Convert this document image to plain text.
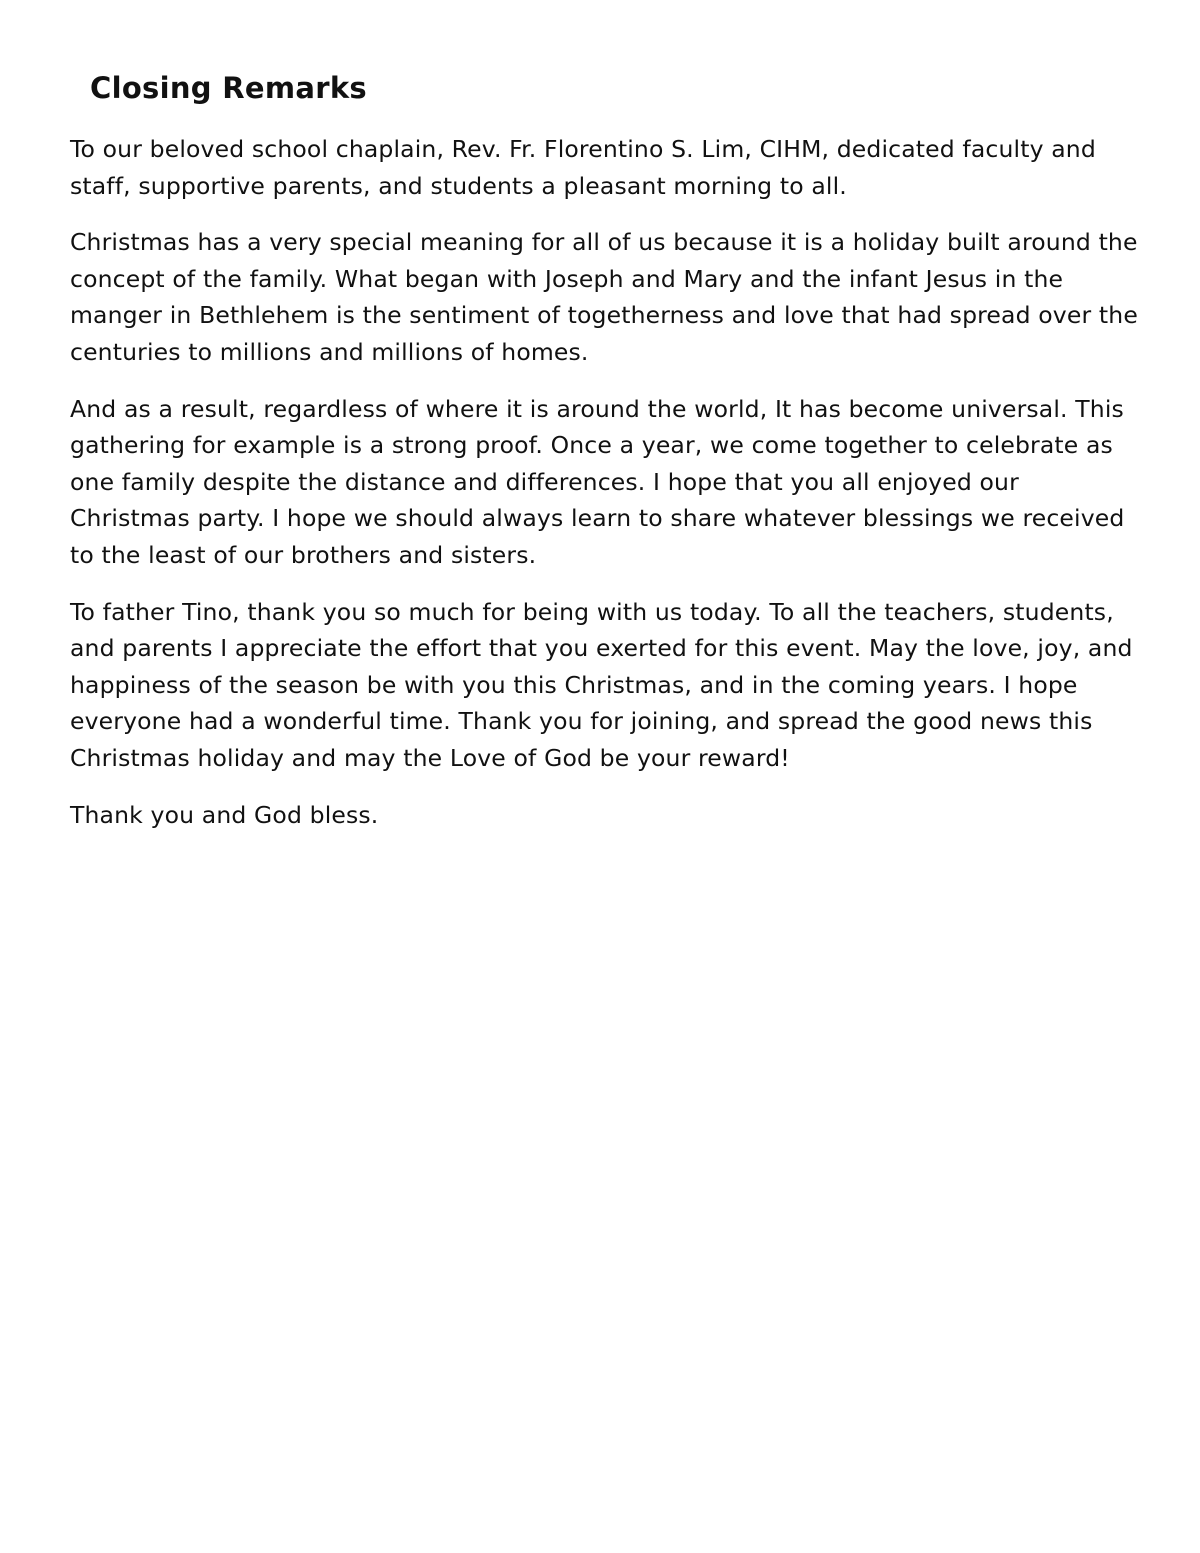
Closing Remarks

To our beloved school chaplain, Rev. Fr. Florentino S. Lim, CIHM, dedicated faculty and staff, supportive parents, and students a pleasant morning to all.

Christmas has a very special meaning for all of us because it is a holiday built around the concept of the family. What began with Joseph and Mary and the infant Jesus in the manger in Bethlehem is the sentiment of togetherness and love that had spread over the centuries to millions and millions of homes.

And as a result, regardless of where it is around the world, It has become universal. This gathering for example is a strong proof. Once a year, we come together to celebrate as one family despite the distance and differences. I hope that you all enjoyed our Christmas party. I hope we should always learn to share whatever blessings we received to the least of our brothers and sisters.

To father Tino, thank you so much for being with us today. To all the teachers, students, and parents I appreciate the effort that you exerted for this event. May the love, joy, and happiness of the season be with you this Christmas, and in the coming years. I hope everyone had a wonderful time. Thank you for joining, and spread the good news this Christmas holiday and may the Love of God be your reward!

Thank you and God bless.
